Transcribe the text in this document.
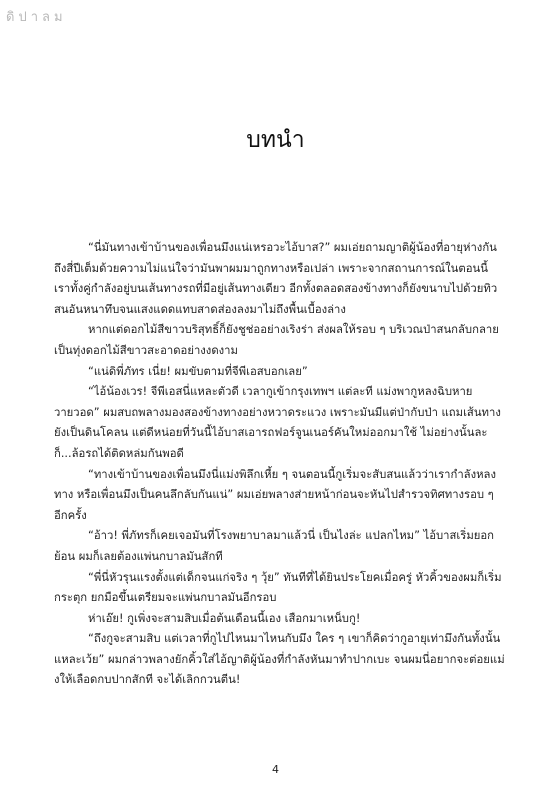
ดิปาลม
บทนำ

“นี่มันทางเข้าบ้านของเพื่อนมึงแน่เหรอวะไอ้บาส?” ผมเอ่ยถามญาติผู้น้องที่อายุห่างกันถึงสี่ปีเต็มด้วยความไม่แน่ใจว่ามันพาผมมาถูกทางหรือเปล่า เพราะจากสถานการณ์ในตอนนี้ เราทั้งคู่กำลังอยู่บนเส้นทางรถที่มีอยู่เส้นทางเดียว อีกทั้งตลอดสองข้างทางก็ยังขนาบไปด้วยทิวสนอันหนาทึบจนแสงแดดแทบสาดส่องลงมาไม่ถึงพื้นเบื้องล่าง

หากแต่ดอกไม้สีขาวบริสุทธิ์ก็ยังชูช่ออย่างเริงร่า ส่งผลให้รอบ ๆ บริเวณป่าสนกลับกลายเป็นทุ่งดอกไม้สีขาวสะอาดอย่างงดงาม

“แน่ดิพี่ภัทร เนี่ย! ผมขับตามที่จีพีเอสบอกเลย”

“ไอ้น้องเวร! จีพีเอสนี่แหละตัวดี เวลากูเข้ากรุงเทพฯ แต่ละที แม่งพากูหลงฉิบหายวายวอด” ผมสบถพลางมองสองข้างทางอย่างหวาดระแวง เพราะมันมีแต่ป่ากับป่า แถมเส้นทางยังเป็นดินโคลน แต่ดีหน่อยที่วันนี้ไอ้บาสเอารถฟอร์จูนเนอร์คันใหม่ออกมาใช้ ไม่อย่างนั้นละก็...ล้อรถได้ติดหล่มกันพอดี

“ทางเข้าบ้านของเพื่อนมึงนี่แม่งพิลึกเหี้ย ๆ จนตอนนี้กูเริ่มจะสับสนแล้วว่าเรากำลังหลงทาง หรือเพื่อนมึงเป็นคนลึกลับกันแน่” ผมเอ่ยพลางส่ายหน้าก่อนจะหันไปสำรวจทิศทางรอบ ๆ อีกครั้ง

“อ้าว! พี่ภัทรก็เคยเจอมันที่โรงพยาบาลมาแล้วนี่ เป็นไงล่ะ แปลกไหม” ไอ้บาสเริ่มยอกย้อน ผมก็เลยต้องแพ่นกบาลมันสักที

“พี่นี่หัวรุนแรงตั้งแต่เด็กจนแก่จริง ๆ วุ้ย” ทันทีที่ได้ยินประโยคเมื่อครู่ หัวคิ้วของผมก็เริ่มกระตุก ยกมือขึ้นเตรียมจะแพ่นกบาลมันอีกรอบ

ห่าเอ๊ย! กูเพิ่งจะสามสิบเมื่อต้นเดือนนี้เอง เสือกมาเหน็บกู!

“ถึงกูจะสามสิบ แต่เวลาที่กูไปไหนมาไหนกับมึง ใคร ๆ เขาก็คิดว่ากูอายุเท่ามึงกันทั้งนั้นแหละเว้ย” ผมกล่าวพลางยักคิ้วใส่ไอ้ญาติผู้น้องที่กำลังหันมาทำปากเบะ จนผมนี่อยากจะต่อยแม่งให้เลือดกบปากสักที จะได้เลิกกวนตีน!

4
